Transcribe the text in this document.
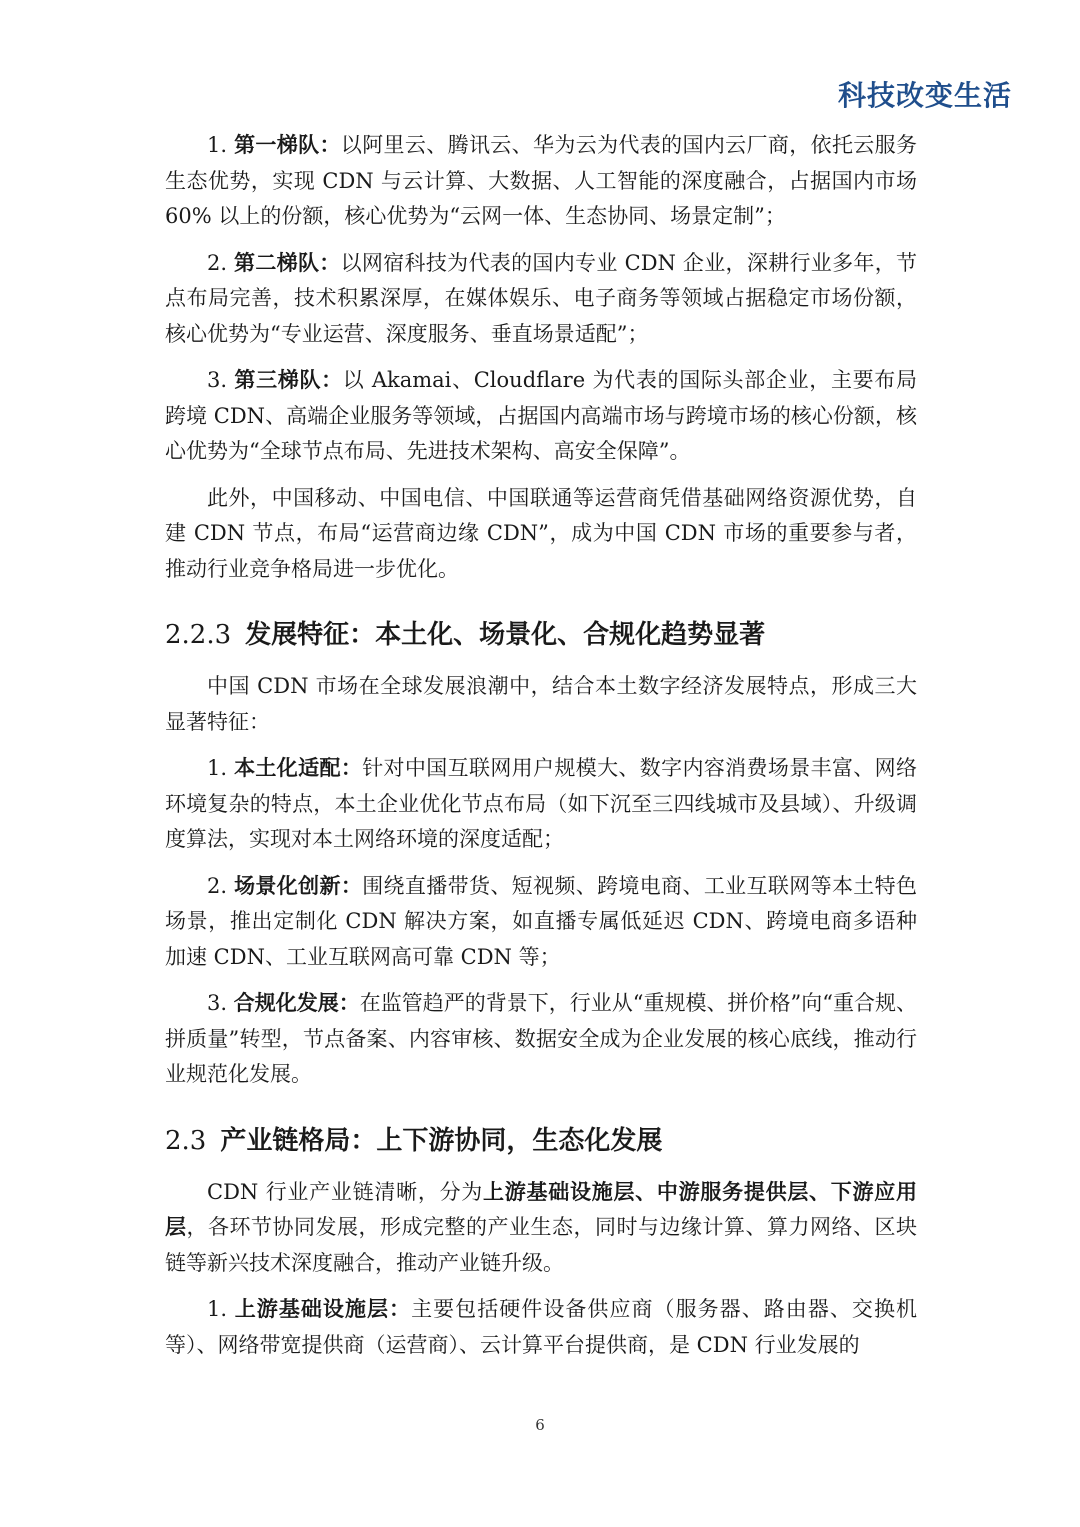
科技改变生活

1. 第一梯队：以阿里云、腾讯云、华为云为代表的国内云厂商，依托云服务生态优势，实现 CDN 与云计算、大数据、人工智能的深度融合，占据国内市场 60% 以上的份额，核心优势为“云网一体、生态协同、场景定制”；

2. 第二梯队：以网宿科技为代表的国内专业 CDN 企业，深耕行业多年，节点布局完善，技术积累深厚，在媒体娱乐、电子商务等领域占据稳定市场份额，核心优势为“专业运营、深度服务、垂直场景适配”；

3. 第三梯队：以 Akamai、Cloudflare 为代表的国际头部企业，主要布局跨境 CDN、高端企业服务等领域，占据国内高端市场与跨境市场的核心份额，核心优势为“全球节点布局、先进技术架构、高安全保障”。

此外，中国移动、中国电信、中国联通等运营商凭借基础网络资源优势，自建 CDN 节点，布局“运营商边缘 CDN”，成为中国 CDN 市场的重要参与者，推动行业竞争格局进一步优化。

2.2.3 发展特征：本土化、场景化、合规化趋势显著

中国 CDN 市场在全球发展浪潮中，结合本土数字经济发展特点，形成三大显著特征：

1. 本土化适配：针对中国互联网用户规模大、数字内容消费场景丰富、网络环境复杂的特点，本土企业优化节点布局（如下沉至三四线城市及县域）、升级调度算法，实现对本土网络环境的深度适配；

2. 场景化创新：围绕直播带货、短视频、跨境电商、工业互联网等本土特色场景，推出定制化 CDN 解决方案，如直播专属低延迟 CDN、跨境电商多语种加速 CDN、工业互联网高可靠 CDN 等；

3. 合规化发展：在监管趋严的背景下，行业从“重规模、拼价格”向“重合规、拼质量”转型，节点备案、内容审核、数据安全成为企业发展的核心底线，推动行业规范化发展。

2.3 产业链格局：上下游协同，生态化发展

CDN 行业产业链清晰，分为上游基础设施层、中游服务提供层、下游应用层，各环节协同发展，形成完整的产业生态，同时与边缘计算、算力网络、区块链等新兴技术深度融合，推动产业链升级。

1. 上游基础设施层：主要包括硬件设备供应商（服务器、路由器、交换机等）、网络带宽提供商（运营商）、云计算平台提供商，是 CDN 行业发展的

6
